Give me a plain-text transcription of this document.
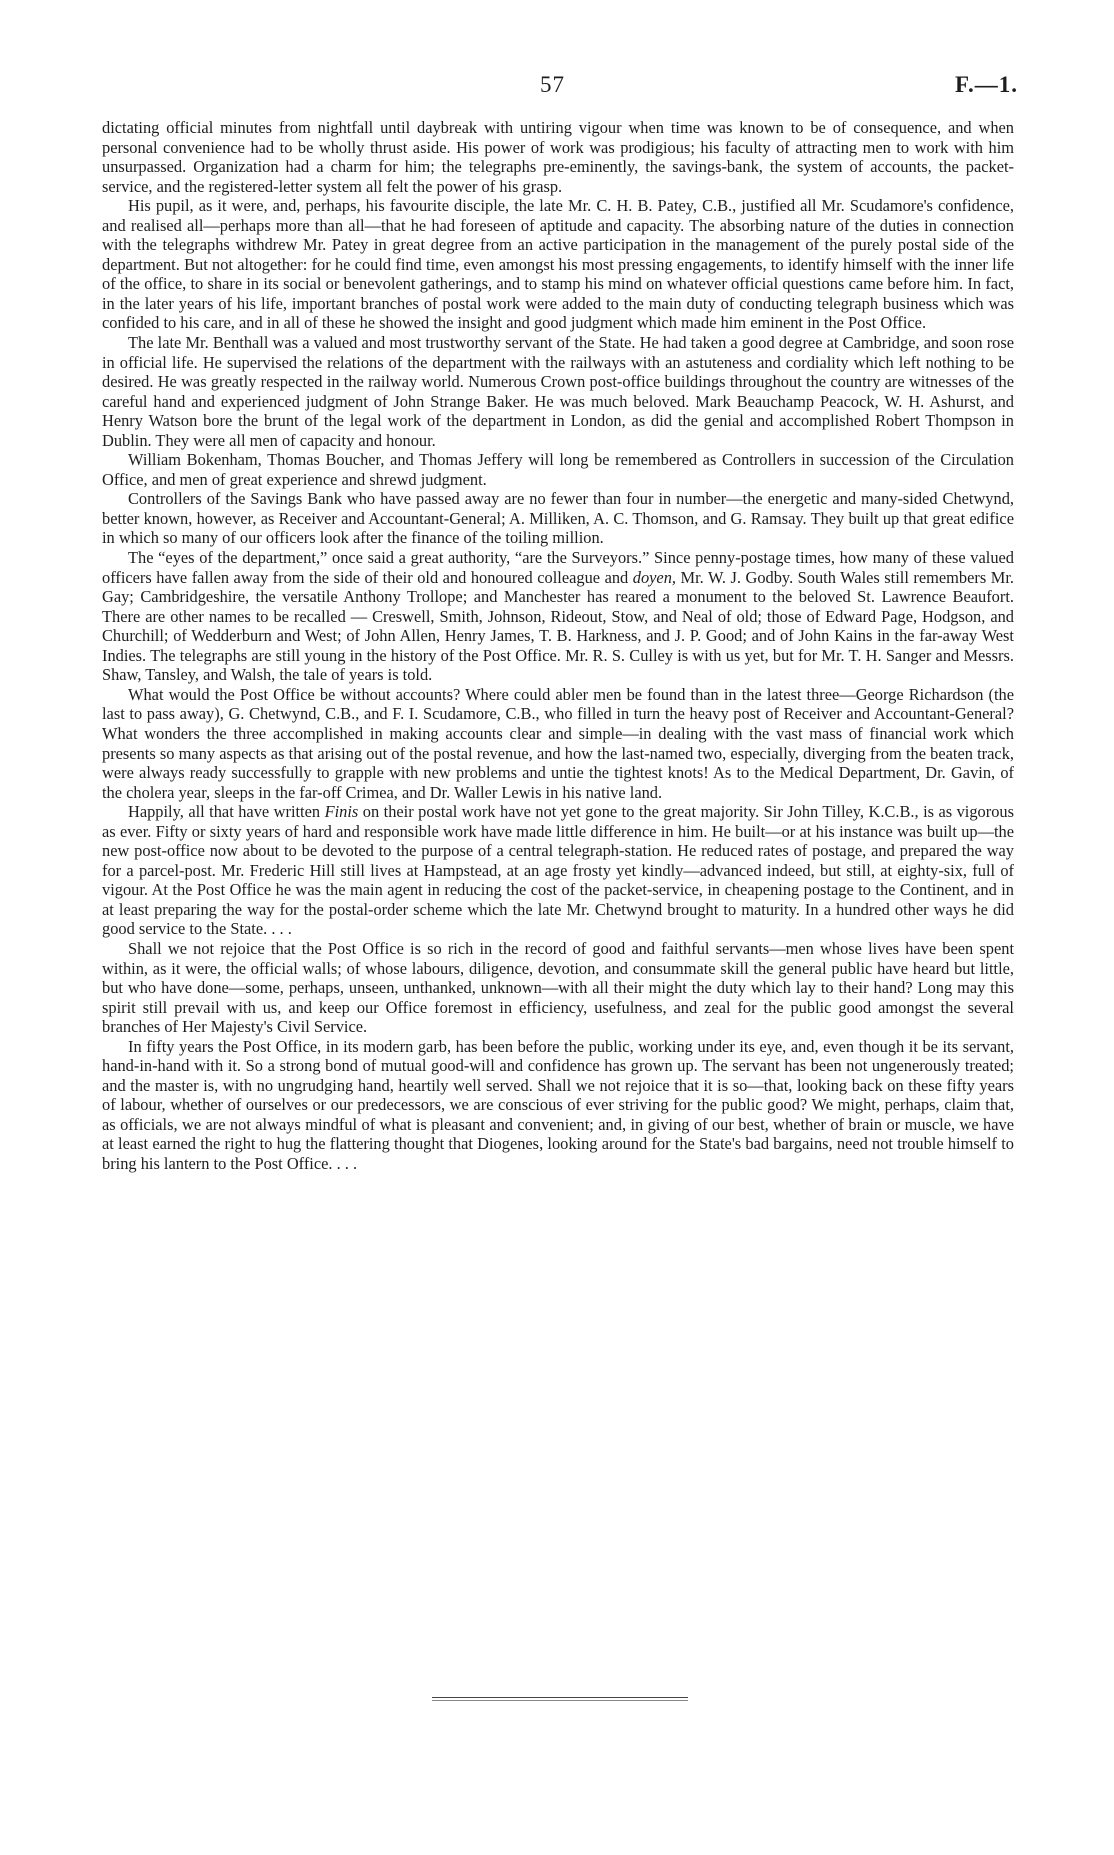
57	F.—1.

dictating official minutes from nightfall until daybreak with untiring vigour when time was known to be of consequence, and when personal convenience had to be wholly thrust aside. His power of work was prodigious; his faculty of attracting men to work with him unsurpassed. Organization had a charm for him; the telegraphs pre-eminently, the savings-bank, the system of accounts, the packet-service, and the registered-letter system all felt the power of his grasp.

His pupil, as it were, and, perhaps, his favourite disciple, the late Mr. C. H. B. Patey, C.B., justified all Mr. Scudamore's confidence, and realised all—perhaps more than all—that he had foreseen of aptitude and capacity. The absorbing nature of the duties in connection with the telegraphs withdrew Mr. Patey in great degree from an active participation in the management of the purely postal side of the department. But not altogether: for he could find time, even amongst his most pressing engagements, to identify himself with the inner life of the office, to share in its social or benevolent gatherings, and to stamp his mind on whatever official questions came before him. In fact, in the later years of his life, important branches of postal work were added to the main duty of conducting telegraph business which was confided to his care, and in all of these he showed the insight and good judgment which made him eminent in the Post Office.

The late Mr. Benthall was a valued and most trustworthy servant of the State. He had taken a good degree at Cambridge, and soon rose in official life. He supervised the relations of the department with the railways with an astuteness and cordiality which left nothing to be desired. He was greatly respected in the railway world. Numerous Crown post-office buildings throughout the country are witnesses of the careful hand and experienced judgment of John Strange Baker. He was much beloved. Mark Beauchamp Peacock, W. H. Ashurst, and Henry Watson bore the brunt of the legal work of the department in London, as did the genial and accomplished Robert Thompson in Dublin. They were all men of capacity and honour.

William Bokenham, Thomas Boucher, and Thomas Jeffery will long be remembered as Controllers in succession of the Circulation Office, and men of great experience and shrewd judgment.

Controllers of the Savings Bank who have passed away are no fewer than four in number—the energetic and many-sided Chetwynd, better known, however, as Receiver and Accountant-General; A. Milliken, A. C. Thomson, and G. Ramsay. They built up that great edifice in which so many of our officers look after the finance of the toiling million.

The “eyes of the department,” once said a great authority, “are the Surveyors.” Since penny-postage times, how many of these valued officers have fallen away from the side of their old and honoured colleague and doyen, Mr. W. J. Godby. South Wales still remembers Mr. Gay; Cambridgeshire, the versatile Anthony Trollope; and Manchester has reared a monument to the beloved St. Lawrence Beaufort. There are other names to be recalled — Creswell, Smith, Johnson, Rideout, Stow, and Neal of old; those of Edward Page, Hodgson, and Churchill; of Wedderburn and West; of John Allen, Henry James, T. B. Harkness, and J. P. Good; and of John Kains in the far-away West Indies. The telegraphs are still young in the history of the Post Office. Mr. R. S. Culley is with us yet, but for Mr. T. H. Sanger and Messrs. Shaw, Tansley, and Walsh, the tale of years is told.

What would the Post Office be without accounts? Where could abler men be found than in the latest three—George Richardson (the last to pass away), G. Chetwynd, C.B., and F. I. Scudamore, C.B., who filled in turn the heavy post of Receiver and Accountant-General? What wonders the three accomplished in making accounts clear and simple—in dealing with the vast mass of financial work which presents so many aspects as that arising out of the postal revenue, and how the last-named two, especially, diverging from the beaten track, were always ready successfully to grapple with new problems and untie the tightest knots! As to the Medical Department, Dr. Gavin, of the cholera year, sleeps in the far-off Crimea, and Dr. Waller Lewis in his native land.

Happily, all that have written Finis on their postal work have not yet gone to the great majority. Sir John Tilley, K.C.B., is as vigorous as ever. Fifty or sixty years of hard and responsible work have made little difference in him. He built—or at his instance was built up—the new post-office now about to be devoted to the purpose of a central telegraph-station. He reduced rates of postage, and prepared the way for a parcel-post. Mr. Frederic Hill still lives at Hampstead, at an age frosty yet kindly—advanced indeed, but still, at eighty-six, full of vigour. At the Post Office he was the main agent in reducing the cost of the packet-service, in cheapening postage to the Continent, and in at least preparing the way for the postal-order scheme which the late Mr. Chetwynd brought to maturity. In a hundred other ways he did good service to the State. . . .

Shall we not rejoice that the Post Office is so rich in the record of good and faithful servants—men whose lives have been spent within, as it were, the official walls; of whose labours, diligence, devotion, and consummate skill the general public have heard but little, but who have done—some, perhaps, unseen, unthanked, unknown—with all their might the duty which lay to their hand? Long may this spirit still prevail with us, and keep our Office foremost in efficiency, usefulness, and zeal for the public good amongst the several branches of Her Majesty's Civil Service.

In fifty years the Post Office, in its modern garb, has been before the public, working under its eye, and, even though it be its servant, hand-in-hand with it. So a strong bond of mutual good-will and confidence has grown up. The servant has been not ungenerously treated; and the master is, with no ungrudging hand, heartily well served. Shall we not rejoice that it is so—that, looking back on these fifty years of labour, whether of ourselves or our predecessors, we are conscious of ever striving for the public good? We might, perhaps, claim that, as officials, we are not always mindful of what is pleasant and convenient; and, in giving of our best, whether of brain or muscle, we have at least earned the right to hug the flattering thought that Diogenes, looking around for the State's bad bargains, need not trouble himself to bring his lantern to the Post Office. . . .
